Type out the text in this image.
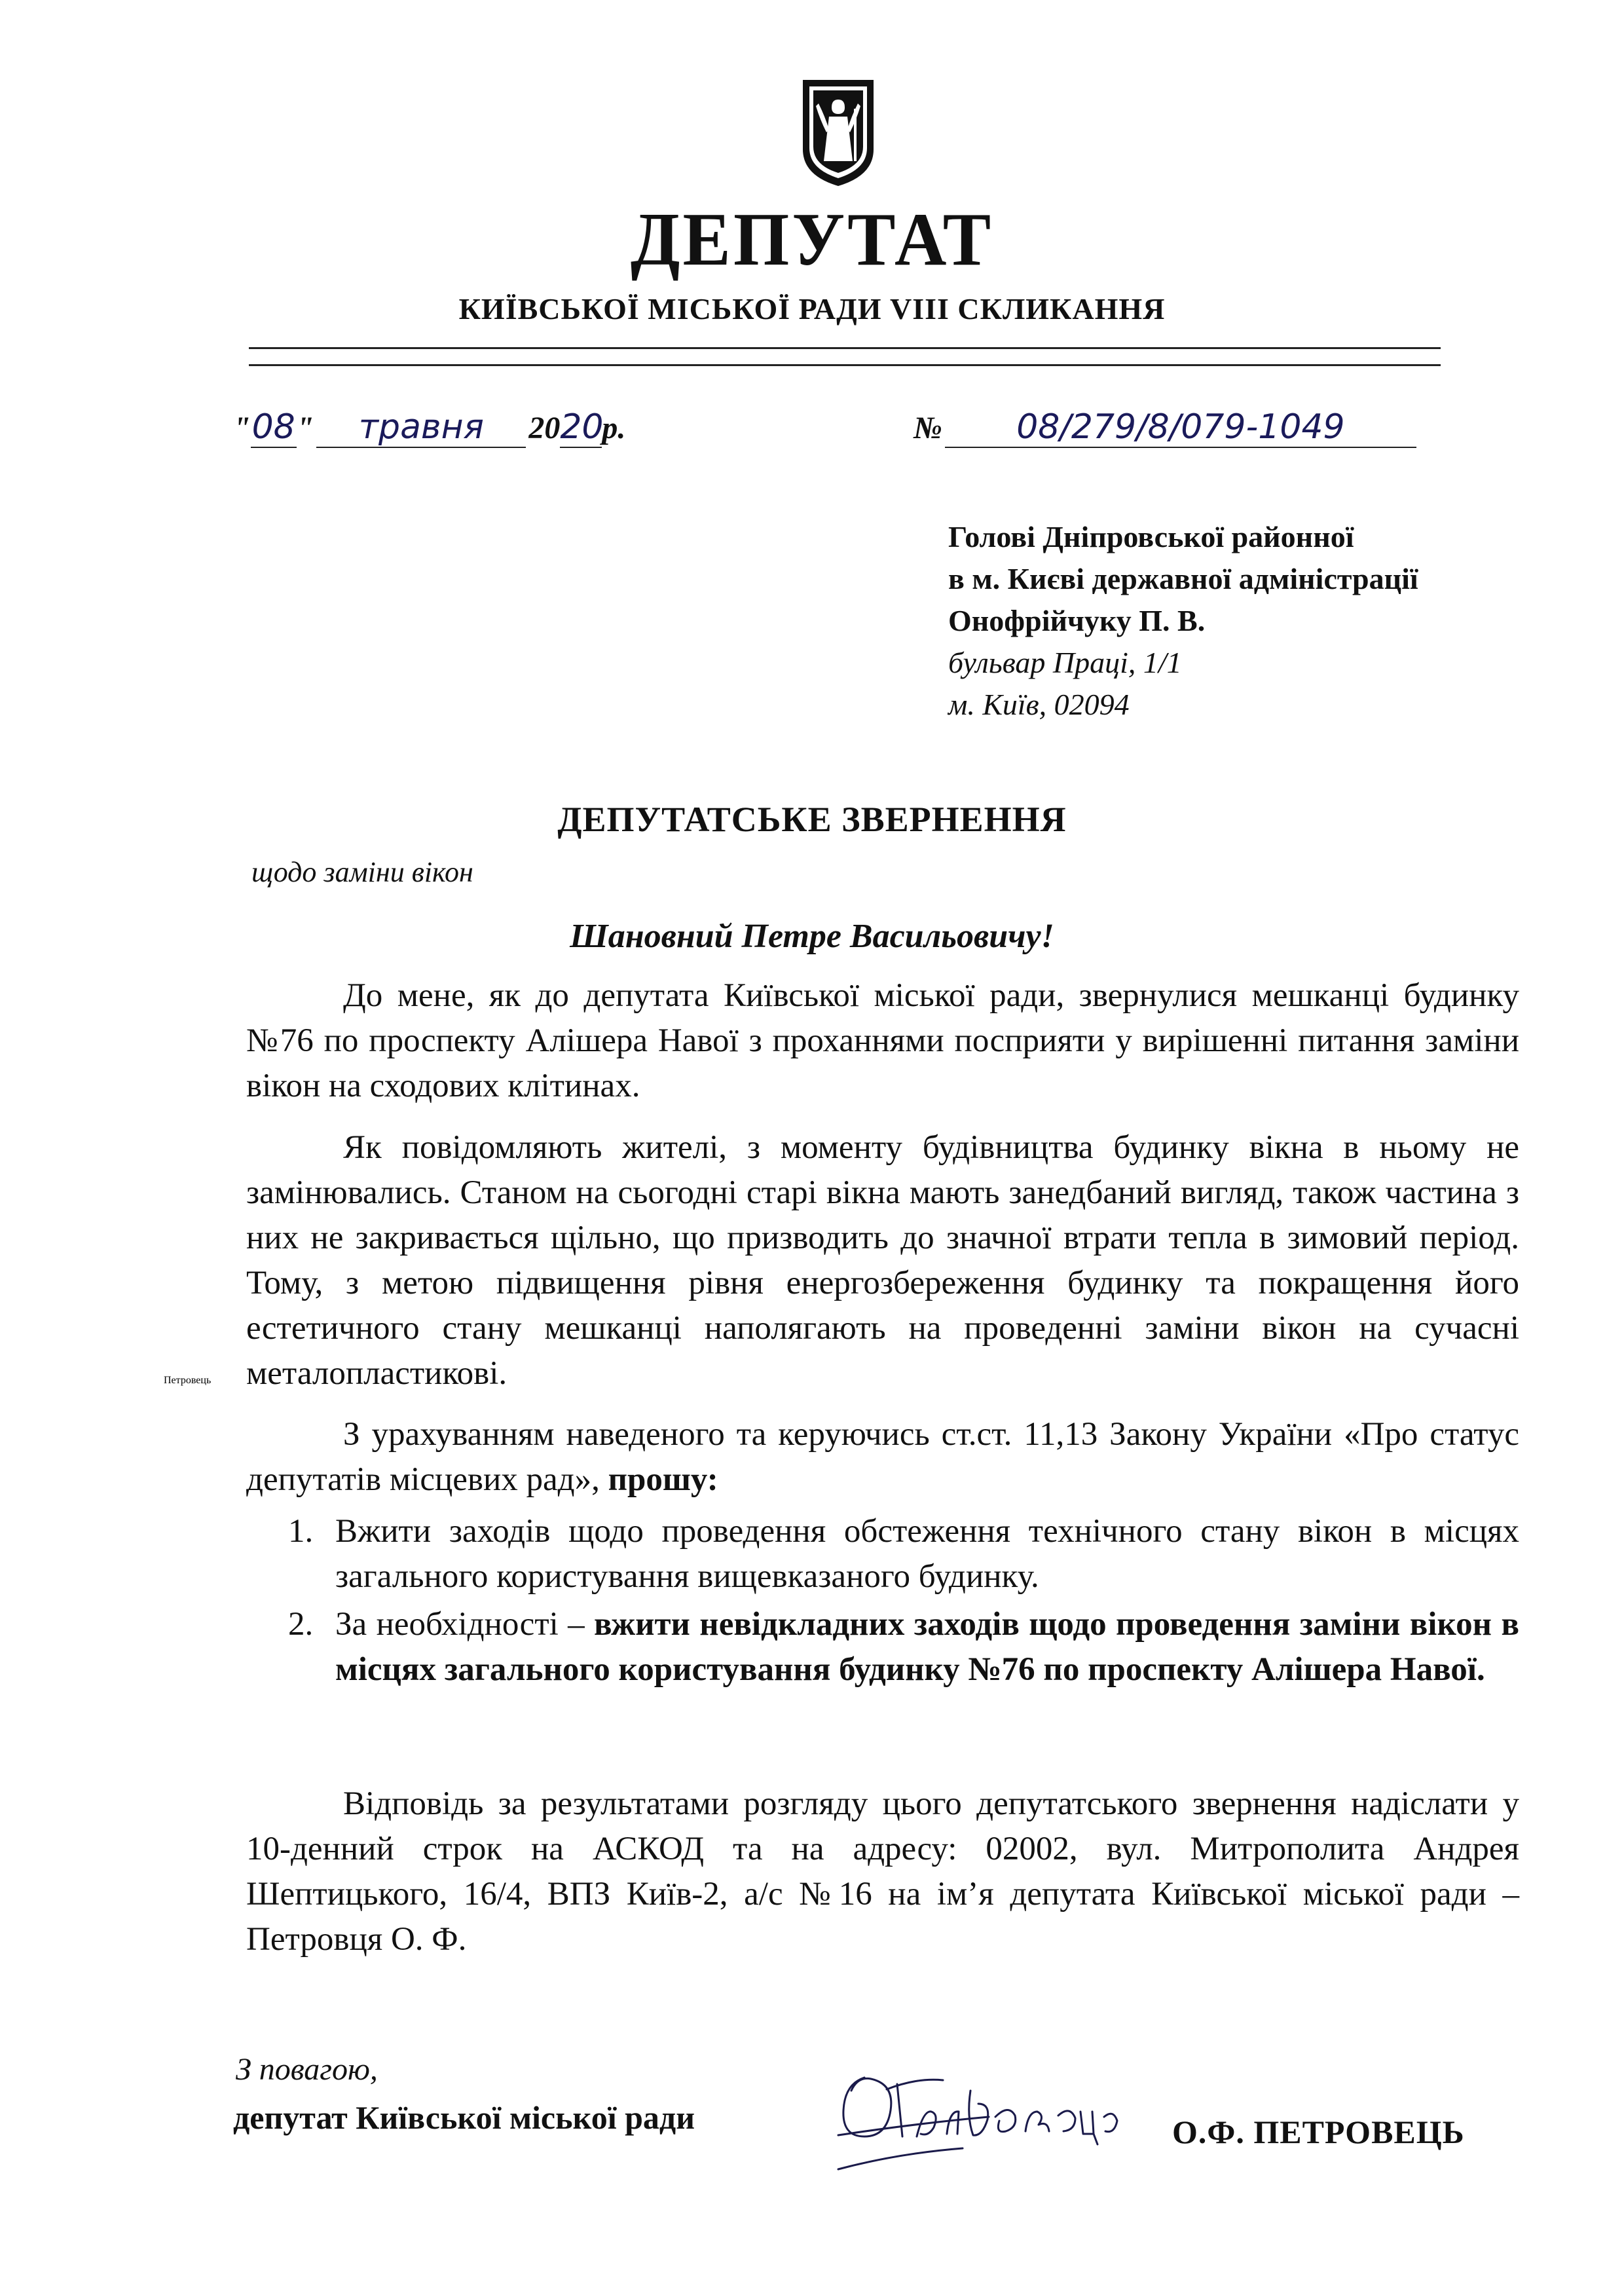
ДЕПУТАТ
КИЇВСЬКОЇ МІСЬКОЇ РАДИ VIII СКЛИКАННЯ
"08" травня 2020р.	№ 08/279/8/079-1049
Голові Дніпровської районної
в м. Києві державної адміністрації
Онофрійчуку П. В.
бульвар Праці, 1/1
м. Київ, 02094
ДЕПУТАТСЬКЕ ЗВЕРНЕННЯ
щодо заміни вікон
Шановний Петре Васильовичу!
До мене, як до депутата Київської міської ради, звернулися мешканці будинку №76 по проспекту Алішера Навої з проханнями посприяти у вирішенні питання заміни вікон на сходових клітинах.
Як повідомляють жителі, з моменту будівництва будинку вікна в ньому не замінювались. Станом на сьогодні старі вікна мають занедбаний вигляд, також частина з них не закривається щільно, що призводить до значної втрати тепла в зимовий період. Тому, з метою підвищення рівня енергозбереження будинку та покращення його естетичного стану мешканці наполягають на проведенні заміни вікон на сучасні металопластикові.
З урахуванням наведеного та керуючись ст.ст. 11,13 Закону України «Про статус депутатів місцевих рад», прошу:
1. Вжити заходів щодо проведення обстеження технічного стану вікон в місцях загального користування вищевказаного будинку.
2. За необхідності – вжити невідкладних заходів щодо проведення заміни вікон в місцях загального користування будинку №76 по проспекту Алішера Навої.
Відповідь за результатами розгляду цього депутатського звернення надіслати у 10-денний строк на АСКОД та на адресу: 02002, вул. Митрополита Андрея Шептицького, 16/4, ВПЗ Київ-2, а/с №16 на ім’я депутата Київської міської ради – Петровця О. Ф.
З повагою,
депутат Київської міської ради
Петровець
О.Ф. ПЕТРОВЕЦЬ
